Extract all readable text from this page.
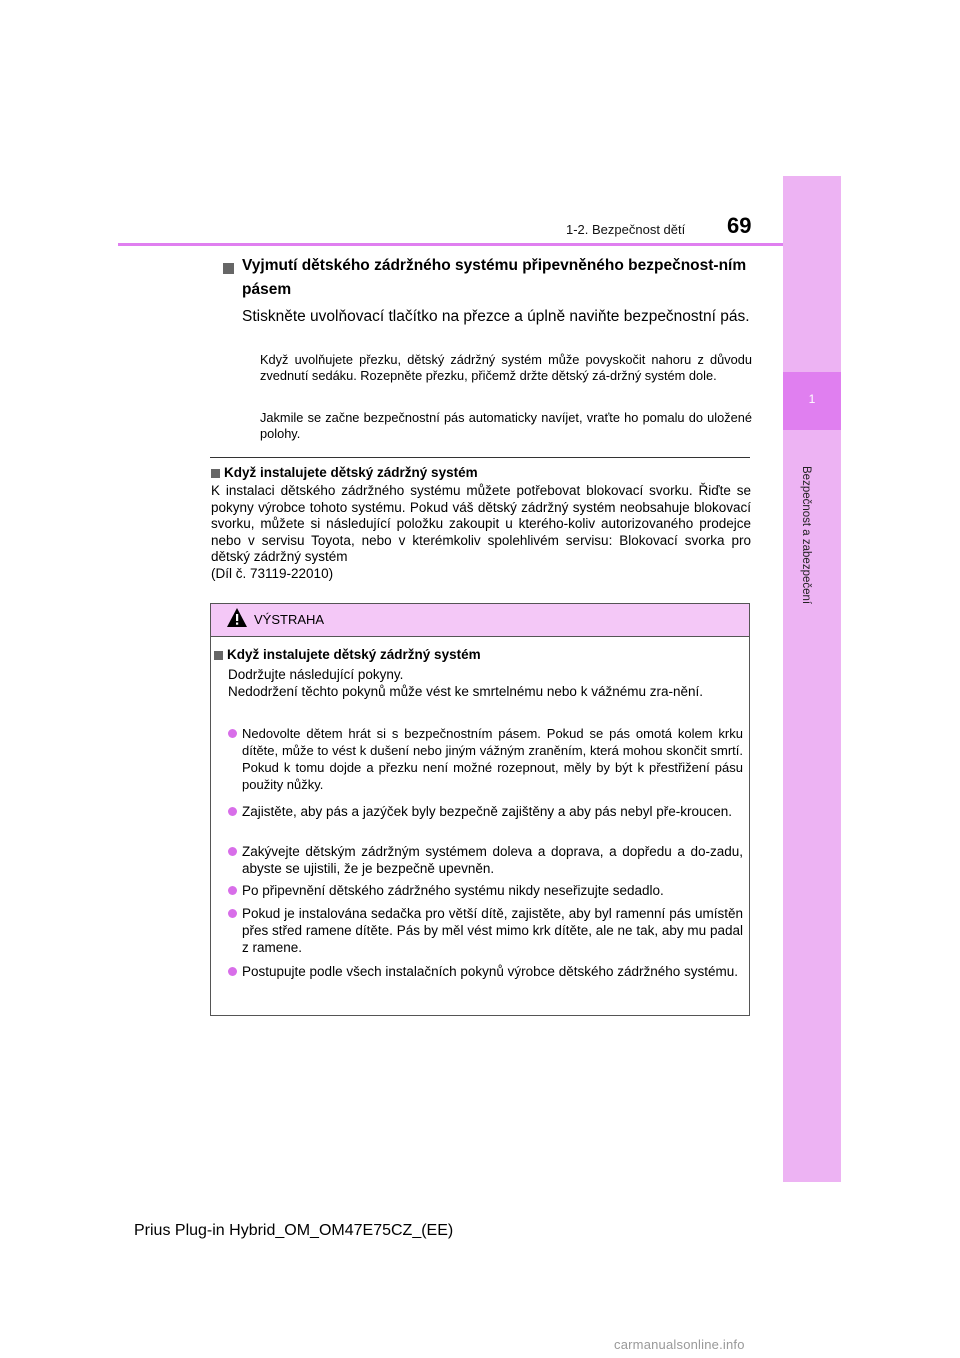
1
Bezpečnost a zabezpečení
1-2. Bezpečnost dětí 69
Vyjmutí dětského zádržného systému připevněného bezpečnost-ním pásem
Stiskněte uvolňovací tlačítko na přezce a úplně naviňte bezpečnostní pás.
Když uvolňujete přezku, dětský zádržný systém může povyskočit nahoru z důvodu zvednutí sedáku. Rozepněte přezku, přičemž držte dětský zá-držný systém dole.
Jakmile se začne bezpečnostní pás automaticky navíjet, vraťte ho pomalu do uložené polohy.
Když instalujete dětský zádržný systém
K instalaci dětského zádržného systému můžete potřebovat blokovací svorku. Řiďte se pokyny výrobce tohoto systému. Pokud váš dětský zádržný systém neobsahuje blokovací svorku, můžete si následující položku zakoupit u kterého-koliv autorizovaného prodejce nebo v servisu Toyota, nebo v kterémkoliv spolehlivém servisu: Blokovací svorka pro dětský zádržný systém
(Díl č. 73119-22010)
VÝSTRAHA
Když instalujete dětský zádržný systém
Dodržujte následující pokyny.
Nedodržení těchto pokynů může vést ke smrtelnému nebo k vážnému zra-nění.
Nedovolte dětem hrát si s bezpečnostním pásem. Pokud se pás omotá kolem krku dítěte, může to vést k dušení nebo jiným vážným zraněním, která mohou skončit smrtí. Pokud k tomu dojde a přezku není možné rozepnout, měly by být k přestřižení pásu použity nůžky.
Zajistěte, aby pás a jazýček byly bezpečně zajištěny a aby pás nebyl pře-kroucen.
Zakývejte dětským zádržným systémem doleva a doprava, a dopředu a do-zadu, abyste se ujistili, že je bezpečně upevněn.
Po připevnění dětského zádržného systému nikdy neseřizujte sedadlo.
Pokud je instalována sedačka pro větší dítě, zajistěte, aby byl ramenní pás umístěn přes střed ramene dítěte. Pás by měl vést mimo krk dítěte, ale ne tak, aby mu padal z ramene.
Postupujte podle všech instalačních pokynů výrobce dětského zádržného systému.
Prius Plug-in Hybrid_OM_OM47E75CZ_(EE)
carmanualsonline.info
